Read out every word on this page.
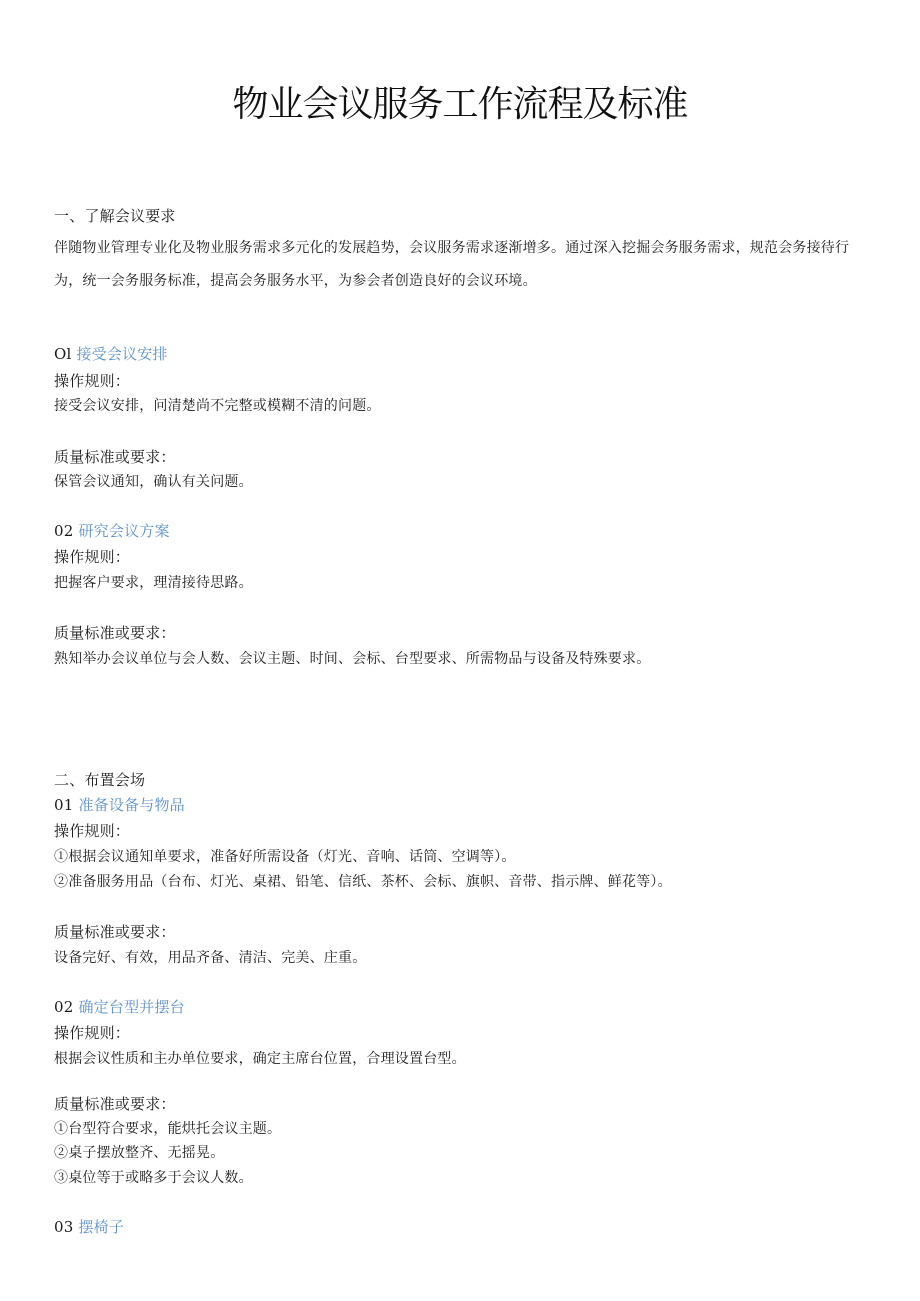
物业会议服务工作流程及标准
一、了解会议要求
伴随物业管理专业化及物业服务需求多元化的发展趋势，会议服务需求逐渐增多。通过深入挖掘会务服务需求，规范会务接待行为，统一会务服务标准，提高会务服务水平，为参会者创造良好的会议环境。
Ol 接受会议安排
操作规则：
接受会议安排，问清楚尚不完整或模糊不清的问题。
质量标准或要求：
保管会议通知，确认有关问题。
02 研究会议方案
操作规则：
把握客户要求，理清接待思路。
质量标准或要求：
熟知举办会议单位与会人数、会议主题、时间、会标、台型要求、所需物品与设备及特殊要求。
二、布置会场
01 准备设备与物品
操作规则：
①根据会议通知单要求，准备好所需设备（灯光、音响、话筒、空调等）。
②准备服务用品（台布、灯光、桌裙、铅笔、信纸、茶杯、会标、旗帜、音带、指示牌、鲜花等）。
质量标准或要求：
设备完好、有效，用品齐备、清洁、完美、庄重。
02 确定台型并摆台
操作规则：
根据会议性质和主办单位要求，确定主席台位置，合理设置台型。
质量标准或要求：
①台型符合要求，能烘托会议主题。
②桌子摆放整齐、无摇晃。
③桌位等于或略多于会议人数。
03 摆椅子
